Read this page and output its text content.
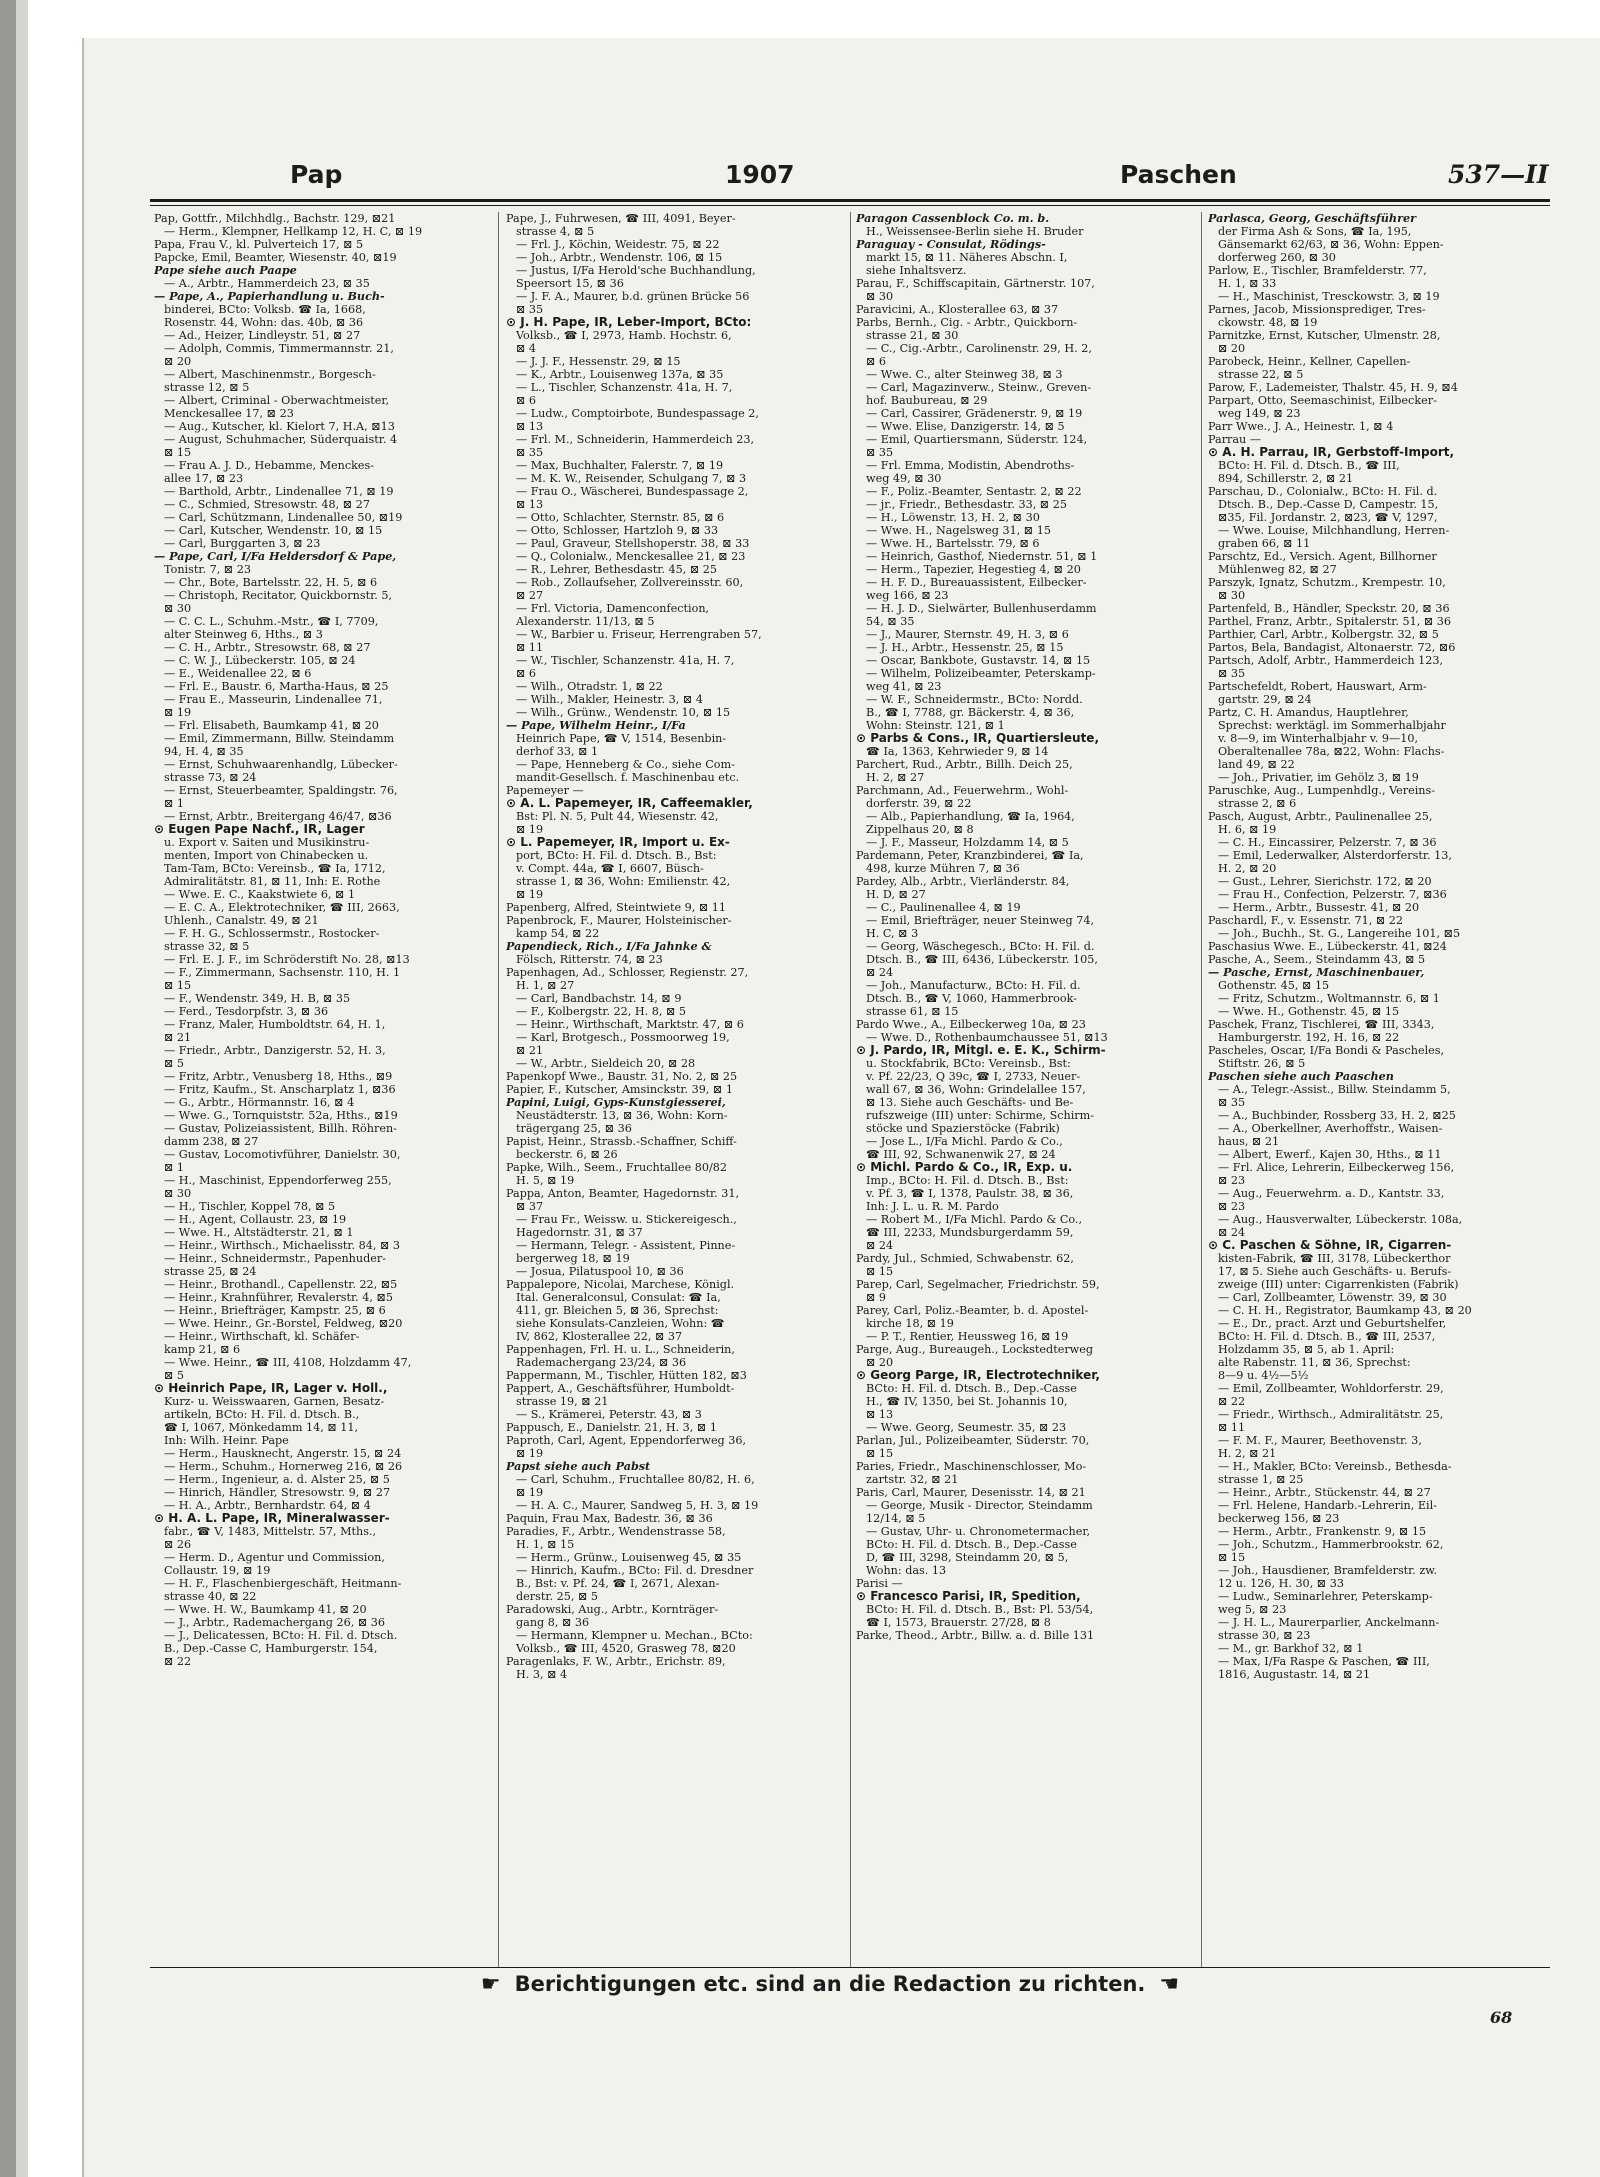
Pap	1907	Paschen	537—II
Pap, Gottfr., Milchhdlg., Bachstr. 129, ⊠21
— Herm., Klempner, Hellkamp 12, H. C, ⊠ 19
Papa, Frau V., kl. Pulverteich 17, ⊠ 5
Papcke, Emil, Beamter, Wiesenstr. 40, ⊠19
Pape siehe auch Paape
— A., Arbtr., Hammerdeich 23, ⊠ 35
— Pape, A., Papierhandlung u. Buch-
binderei, BCto: Volksb. ☎ Ia, 1668,
Rosenstr. 44, Wohn: das. 40b, ⊠ 36
— Ad., Heizer, Lindleystr. 51, ⊠ 27
— Adolph, Commis, Timmermannstr. 21,
⊠ 20
— Albert, Maschinenmstr., Borgesch-
strasse 12, ⊠ 5
— Albert, Criminal - Oberwachtmeister,
Menckesallee 17, ⊠ 23
— Aug., Kutscher, kl. Kielort 7, H.A, ⊠13
— August, Schuhmacher, Süderquaistr. 4
⊠ 15
— Frau A. J. D., Hebamme, Menckes-
allee 17, ⊠ 23
— Barthold, Arbtr., Lindenallee 71, ⊠ 19
— C., Schmied, Stresowstr. 48, ⊠ 27
— Carl, Schützmann, Lindenallee 50, ⊠19
— Carl, Kutscher, Wendenstr. 10, ⊠ 15
— Carl, Burggarten 3, ⊠ 23
— Pape, Carl, I/Fa Heldersdorf & Pape,
Tonistr. 7, ⊠ 23
— Chr., Bote, Bartelsstr. 22, H. 5, ⊠ 6
— Christoph, Recitator, Quickbornstr. 5,
⊠ 30
— C. C. L., Schuhm.-Mstr., ☎ I, 7709,
alter Steinweg 6, Hths., ⊠ 3
— C. H., Arbtr., Stresowstr. 68, ⊠ 27
— C. W. J., Lübeckerstr. 105, ⊠ 24
— E., Weidenallee 22, ⊠ 6
— Frl. E., Baustr. 6, Martha-Haus, ⊠ 25
— Frau E., Masseurin, Lindenallee 71,
⊠ 19
— Frl. Elisabeth, Baumkamp 41, ⊠ 20
— Emil, Zimmermann, Billw. Steindamm
94, H. 4, ⊠ 35
— Ernst, Schuhwaarenhandlg, Lübecker-
strasse 73, ⊠ 24
— Ernst, Steuerbeamter, Spaldingstr. 76,
⊠ 1
— Ernst, Arbtr., Breitergang 46/47, ⊠36
⊙ Eugen Pape Nachf., IR, Lager
u. Export v. Saiten und Musikinstru-
menten, Import von Chinabecken u.
Tam-Tam, BCto: Vereinsb., ☎ Ia, 1712,
Admiralitätstr. 81, ⊠ 11, Inh: E. Rothe
— Wwe. E. C., Kaakstwiete 6, ⊠ 1
— E. C. A., Elektrotechniker, ☎ III, 2663,
Uhlenh., Canalstr. 49, ⊠ 21
— F. H. G., Schlossermstr., Rostocker-
strasse 32, ⊠ 5
— Frl. E. J. F., im Schröderstift No. 28, ⊠13
— F., Zimmermann, Sachsenstr. 110, H. 1
⊠ 15
— F., Wendenstr. 349, H. B, ⊠ 35
— Ferd., Tesdorpfstr. 3, ⊠ 36
— Franz, Maler, Humboldtstr. 64, H. 1,
⊠ 21
— Friedr., Arbtr., Danzigerstr. 52, H. 3,
⊠ 5
— Fritz, Arbtr., Venusberg 18, Hths., ⊠9
— Fritz, Kaufm., St. Anscharplatz 1, ⊠36
— G., Arbtr., Hörmannstr. 16, ⊠ 4
— Wwe. G., Tornquiststr. 52a, Hths., ⊠19
— Gustav, Polizeiassistent, Billh. Röhren-
damm 238, ⊠ 27
— Gustav, Locomotivführer, Danielstr. 30,
⊠ 1
— H., Maschinist, Eppendorferweg 255,
⊠ 30
— H., Tischler, Koppel 78, ⊠ 5
— H., Agent, Collaustr. 23, ⊠ 19
— Wwe. H., Altstädterstr. 21, ⊠ 1
— Heinr., Wirthsch., Michaelisstr. 84, ⊠ 3
— Heinr., Schneidermstr., Papenhuder-
strasse 25, ⊠ 24
— Heinr., Brothandl., Capellenstr. 22, ⊠5
— Heinr., Krahnführer, Revalerstr. 4, ⊠5
— Heinr., Briefträger, Kampstr. 25, ⊠ 6
— Wwe. Heinr., Gr.-Borstel, Feldweg, ⊠20
— Heinr., Wirthschaft, kl. Schäfer-
kamp 21, ⊠ 6
— Wwe. Heinr., ☎ III, 4108, Holzdamm 47,
⊠ 5
⊙ Heinrich Pape, IR, Lager v. Holl.,
Kurz- u. Weisswaaren, Garnen, Besatz-
artikeln, BCto: H. Fil. d. Dtsch. B.,
☎ I, 1067, Mönkedamm 14, ⊠ 11,
Inh: Wilh. Heinr. Pape
— Herm., Hausknecht, Angerstr. 15, ⊠ 24
— Herm., Schuhm., Hornerweg 216, ⊠ 26
— Herm., Ingenieur, a. d. Alster 25, ⊠ 5
— Hinrich, Händler, Stresowstr. 9, ⊠ 27
— H. A., Arbtr., Bernhardstr. 64, ⊠ 4
⊙ H. A. L. Pape, IR, Mineralwasser-
fabr., ☎ V, 1483, Mittelstr. 57, Mths.,
⊠ 26
— Herm. D., Agentur und Commission,
Collaustr. 19, ⊠ 19
— H. F., Flaschenbiergeschäft, Heitmann-
strasse 40, ⊠ 22
— Wwe. H. W., Baumkamp 41, ⊠ 20
— J., Arbtr., Rademachergang 26, ⊠ 36
— J., Delicatessen, BCto: H. Fil. d. Dtsch.
B., Dep.-Casse C, Hamburgerstr. 154,
⊠ 22
Pape, J., Fuhrwesen, ☎ III, 4091, Beyer-
strasse 4, ⊠ 5
— Frl. J., Köchin, Weidestr. 75, ⊠ 22
— Joh., Arbtr., Wendenstr. 106, ⊠ 15
— Justus, I/Fa Herold'sche Buchhandlung,
Speersort 15, ⊠ 36
— J. F. A., Maurer, b.d. grünen Brücke 56
⊠ 35
⊙ J. H. Pape, IR, Leber-Import, BCto:
Volksb., ☎ I, 2973, Hamb. Hochstr. 6,
⊠ 4
— J. J. F., Hessenstr. 29, ⊠ 15
— K., Arbtr., Louisenweg 137a, ⊠ 35
— L., Tischler, Schanzenstr. 41a, H. 7,
⊠ 6
— Ludw., Comptoirbote, Bundespassage 2,
⊠ 13
— Frl. M., Schneiderin, Hammerdeich 23,
⊠ 35
— Max, Buchhalter, Falerstr. 7, ⊠ 19
— M. K. W., Reisender, Schulgang 7, ⊠ 3
— Frau O., Wäscherei, Bundespassage 2,
⊠ 13
— Otto, Schlachter, Sternstr. 85, ⊠ 6
— Otto, Schlosser, Hartzloh 9, ⊠ 33
— Paul, Graveur, Stellshoperstr. 38, ⊠ 33
— Q., Colonialw., Menckesallee 21, ⊠ 23
— R., Lehrer, Bethesdastr. 45, ⊠ 25
— Rob., Zollaufseher, Zollvereinsstr. 60,
⊠ 27
— Frl. Victoria, Damenconfection,
Alexanderstr. 11/13, ⊠ 5
— W., Barbier u. Friseur, Herrengraben 57,
⊠ 11
— W., Tischler, Schanzenstr. 41a, H. 7,
⊠ 6
— Wilh., Otradstr. 1, ⊠ 22
— Wilh., Makler, Heinestr. 3, ⊠ 4
— Wilh., Grünw., Wendenstr. 10, ⊠ 15
— Pape, Wilhelm Heinr., I/Fa
Heinrich Pape, ☎ V, 1514, Besenbin-
derhof 33, ⊠ 1
— Pape, Henneberg & Co., siehe Com-
mandit-Gesellsch. f. Maschinenbau etc.
Papemeyer —
⊙ A. L. Papemeyer, IR, Caffeemakler,
Bst: Pl. N. 5, Pult 44, Wiesenstr. 42,
⊠ 19
⊙ L. Papemeyer, IR, Import u. Ex-
port, BCto: H. Fil. d. Dtsch. B., Bst:
v. Compt. 44a, ☎ I, 6607, Büsch-
strasse 1, ⊠ 36, Wohn: Emilienstr. 42,
⊠ 19
Papenberg, Alfred, Steintwiete 9, ⊠ 11
Papenbrock, F., Maurer, Holsteinischer-
kamp 54, ⊠ 22
Papendieck, Rich., I/Fa Jahnke &
Fölsch, Ritterstr. 74, ⊠ 23
Papenhagen, Ad., Schlosser, Regienstr. 27,
H. 1, ⊠ 27
— Carl, Bandbachstr. 14, ⊠ 9
— F., Kolbergstr. 22, H. 8, ⊠ 5
— Heinr., Wirthschaft, Marktstr. 47, ⊠ 6
— Karl, Brotgesch., Possmoorweg 19,
⊠ 21
— W., Arbtr., Sieldeich 20, ⊠ 28
Papenkopf Wwe., Baustr. 31, No. 2, ⊠ 25
Papier, F., Kutscher, Amsinckstr. 39, ⊠ 1
Papini, Luigi, Gyps-Kunstgiesserei,
Neustädterstr. 13, ⊠ 36, Wohn: Korn-
trägergang 25, ⊠ 36
Papist, Heinr., Strassb.-Schaffner, Schiff-
beckerstr. 6, ⊠ 26
Papke, Wilh., Seem., Fruchtallee 80/82
H. 5, ⊠ 19
Pappa, Anton, Beamter, Hagedornstr. 31,
⊠ 37
— Frau Fr., Weissw. u. Stickereigesch.,
Hagedornstr. 31, ⊠ 37
— Hermann, Telegr. - Assistent, Pinne-
bergerweg 18, ⊠ 19
— Josua, Pilatuspool 10, ⊠ 36
Pappalepore, Nicolai, Marchese, Königl.
Ital. Generalconsul, Consulat: ☎ Ia,
411, gr. Bleichen 5, ⊠ 36, Sprechst:
siehe Konsulats-Canzleien, Wohn: ☎
IV, 862, Klosterallee 22, ⊠ 37
Pappenhagen, Frl. H. u. L., Schneiderin,
Rademachergang 23/24, ⊠ 36
Pappermann, M., Tischler, Hütten 182, ⊠3
Pappert, A., Geschäftsführer, Humboldt-
strasse 19, ⊠ 21
— S., Krämerei, Peterstr. 43, ⊠ 3
Pappusch, E., Danielstr. 21, H. 3, ⊠ 1
Paproth, Carl, Agent, Eppendorferweg 36,
⊠ 19
Papst siehe auch Pabst
— Carl, Schuhm., Fruchtallee 80/82, H. 6,
⊠ 19
— H. A. C., Maurer, Sandweg 5, H. 3, ⊠ 19
Paquin, Frau Max, Badestr. 36, ⊠ 36
Paradies, F., Arbtr., Wendenstrasse 58,
H. 1, ⊠ 15
— Herm., Grünw., Louisenweg 45, ⊠ 35
— Hinrich, Kaufm., BCto: Fil. d. Dresdner
B., Bst: v. Pf. 24, ☎ I, 2671, Alexan-
derstr. 25, ⊠ 5
Paradowski, Aug., Arbtr., Kornträger-
gang 8, ⊠ 36
— Hermann, Klempner u. Mechan., BCto:
Volksb., ☎ III, 4520, Grasweg 78, ⊠20
Paragenlaks, F. W., Arbtr., Erichstr. 89,
H. 3, ⊠ 4
Paragon Cassenblock Co. m. b.
H., Weissensee-Berlin siehe H. Bruder
Paraguay - Consulat, Rödings-
markt 15, ⊠ 11. Näheres Abschn. I,
siehe Inhaltsverz.
Parau, F., Schiffscapitain, Gärtnerstr. 107,
⊠ 30
Paravicini, A., Klosterallee 63, ⊠ 37
Parbs, Bernh., Cig. - Arbtr., Quickborn-
strasse 21, ⊠ 30
— C., Cig.-Arbtr., Carolinenstr. 29, H. 2,
⊠ 6
— Wwe. C., alter Steinweg 38, ⊠ 3
— Carl, Magazinverw., Steinw., Greven-
hof. Baubureau, ⊠ 29
— Carl, Cassirer, Grädenerstr. 9, ⊠ 19
— Wwe. Elise, Danzigerstr. 14, ⊠ 5
— Emil, Quartiersmann, Süderstr. 124,
⊠ 35
— Frl. Emma, Modistin, Abendroths-
weg 49, ⊠ 30
— F., Poliz.-Beamter, Sentastr. 2, ⊠ 22
— jr., Friedr., Bethesdastr. 33, ⊠ 25
— H., Löwenstr. 13, H. 2, ⊠ 30
— Wwe. H., Nagelsweg 31, ⊠ 15
— Wwe. H., Bartelsstr. 79, ⊠ 6
— Heinrich, Gasthof, Niedernstr. 51, ⊠ 1
— Herm., Tapezier, Hegestieg 4, ⊠ 20
— H. F. D., Bureauassistent, Eilbecker-
weg 166, ⊠ 23
— H. J. D., Sielwärter, Bullenhuserdamm
54, ⊠ 35
— J., Maurer, Sternstr. 49, H. 3, ⊠ 6
— J. H., Arbtr., Hessenstr. 25, ⊠ 15
— Oscar, Bankbote, Gustavstr. 14, ⊠ 15
— Wilhelm, Polizeibeamter, Peterskamp-
weg 41, ⊠ 23
— W. F., Schneidermstr., BCto: Nordd.
B., ☎ I, 7788, gr. Bäckerstr. 4, ⊠ 36,
Wohn: Steinstr. 121, ⊠ 1
⊙ Parbs & Cons., IR, Quartiersleute,
☎ Ia, 1363, Kehrwieder 9, ⊠ 14
Parchert, Rud., Arbtr., Billh. Deich 25,
H. 2, ⊠ 27
Parchmann, Ad., Feuerwehrm., Wohl-
dorferstr. 39, ⊠ 22
— Alb., Papierhandlung, ☎ Ia, 1964,
Zippelhaus 20, ⊠ 8
— J. F., Masseur, Holzdamm 14, ⊠ 5
Pardemann, Peter, Kranzbinderei, ☎ Ia,
498, kurze Mühren 7, ⊠ 36
Pardey, Alb., Arbtr., Vierländerstr. 84,
H. D, ⊠ 27
— C., Paulinenallee 4, ⊠ 19
— Emil, Briefträger, neuer Steinweg 74,
H. C, ⊠ 3
— Georg, Wäschegesch., BCto: H. Fil. d.
Dtsch. B., ☎ III, 6436, Lübeckerstr. 105,
⊠ 24
— Joh., Manufacturw., BCto: H. Fil. d.
Dtsch. B., ☎ V, 1060, Hammerbrook-
strasse 61, ⊠ 15
Pardo Wwe., A., Eilbeckerweg 10a, ⊠ 23
— Wwe. D., Rothenbaumchaussee 51, ⊠13
⊙ J. Pardo, IR, Mitgl. e. E. K., Schirm-
u. Stockfabrik, BCto: Vereinsb., Bst:
v. Pf. 22/23, Q 39c, ☎ I, 2733, Neuer-
wall 67, ⊠ 36, Wohn: Grindelallee 157,
⊠ 13. Siehe auch Geschäfts- und Be-
rufszweige (III) unter: Schirme, Schirm-
stöcke und Spazierstöcke (Fabrik)
— Jose L., I/Fa Michl. Pardo & Co.,
☎ III, 92, Schwanenwik 27, ⊠ 24
⊙ Michl. Pardo & Co., IR, Exp. u.
Imp., BCto: H. Fil. d. Dtsch. B., Bst:
v. Pf. 3, ☎ I, 1378, Paulstr. 38, ⊠ 36,
Inh: J. L. u. R. M. Pardo
— Robert M., I/Fa Michl. Pardo & Co.,
☎ III, 2233, Mundsburgerdamm 59,
⊠ 24
Pardy, Jul., Schmied, Schwabenstr. 62,
⊠ 15
Parep, Carl, Segelmacher, Friedrichstr. 59,
⊠ 9
Parey, Carl, Poliz.-Beamter, b. d. Apostel-
kirche 18, ⊠ 19
— P. T., Rentier, Heussweg 16, ⊠ 19
Parge, Aug., Bureaugeh., Lockstedterweg
⊠ 20
⊙ Georg Parge, IR, Electrotechniker,
BCto: H. Fil. d. Dtsch. B., Dep.-Casse
H., ☎ IV, 1350, bei St. Johannis 10,
⊠ 13
— Wwe. Georg, Seumestr. 35, ⊠ 23
Parlan, Jul., Polizeibeamter, Süderstr. 70,
⊠ 15
Paries, Friedr., Maschinenschlosser, Mo-
zartstr. 32, ⊠ 21
Paris, Carl, Maurer, Desenisstr. 14, ⊠ 21
— George, Musik - Director, Steindamm
12/14, ⊠ 5
— Gustav, Uhr- u. Chronometermacher,
BCto: H. Fil. d. Dtsch. B., Dep.-Casse
D, ☎ III, 3298, Steindamm 20, ⊠ 5,
Wohn: das. 13
Parisi —
⊙ Francesco Parisi, IR, Spedition,
BCto: H. Fil. d. Dtsch. B., Bst: Pl. 53/54,
☎ I, 1573, Brauerstr. 27/28, ⊠ 8
Parke, Theod., Arbtr., Billw. a. d. Bille 131
Parlasca, Georg, Geschäftsführer
der Firma Ash & Sons, ☎ Ia, 195,
Gänsemarkt 62/63, ⊠ 36, Wohn: Eppen-
dorferweg 260, ⊠ 30
Parlow, E., Tischler, Bramfelderstr. 77,
H. 1, ⊠ 33
— H., Maschinist, Tresckowstr. 3, ⊠ 19
Parnes, Jacob, Missionsprediger, Tres-
ckowstr. 48, ⊠ 19
Parnitzke, Ernst, Kutscher, Ulmenstr. 28,
⊠ 20
Parobeck, Heinr., Kellner, Capellen-
strasse 22, ⊠ 5
Parow, F., Lademeister, Thalstr. 45, H. 9, ⊠4
Parpart, Otto, Seemaschinist, Eilbecker-
weg 149, ⊠ 23
Parr Wwe., J. A., Heinestr. 1, ⊠ 4
Parrau —
⊙ A. H. Parrau, IR, Gerbstoff-Import,
BCto: H. Fil. d. Dtsch. B., ☎ III,
894, Schillerstr. 2, ⊠ 21
Parschau, D., Colonialw., BCto: H. Fil. d.
Dtsch. B., Dep.-Casse D, Campestr. 15,
⊠35, Fil. Jordanstr. 2, ⊠23, ☎ V, 1297,
— Wwe. Louise, Milchhandlung, Herren-
graben 66, ⊠ 11
Parschtz, Ed., Versich. Agent, Billhorner
Mühlenweg 82, ⊠ 27
Parszyk, Ignatz, Schutzm., Krempestr. 10,
⊠ 30
Partenfeld, B., Händler, Speckstr. 20, ⊠ 36
Parthel, Franz, Arbtr., Spitalerstr. 51, ⊠ 36
Parthier, Carl, Arbtr., Kolbergstr. 32, ⊠ 5
Partos, Bela, Bandagist, Altonaerstr. 72, ⊠6
Partsch, Adolf, Arbtr., Hammerdeich 123,
⊠ 35
Partschefeldt, Robert, Hauswart, Arm-
gartstr. 29, ⊠ 24
Partz, C. H. Amandus, Hauptlehrer,
Sprechst: werktägl. im Sommerhalbjahr
v. 8—9, im Winterhalbjahr v. 9—10,
Oberaltenallee 78a, ⊠22, Wohn: Flachs-
land 49, ⊠ 22
— Joh., Privatier, im Gehölz 3, ⊠ 19
Paruschke, Aug., Lumpenhdlg., Vereins-
strasse 2, ⊠ 6
Pasch, August, Arbtr., Paulinenallee 25,
H. 6, ⊠ 19
— C. H., Eincassirer, Pelzerstr. 7, ⊠ 36
— Emil, Lederwalker, Alsterdorferstr. 13,
H. 2, ⊠ 20
— Gust., Lehrer, Sierichstr. 172, ⊠ 20
— Frau H., Confection, Pelzerstr. 7, ⊠36
— Herm., Arbtr., Bussestr. 41, ⊠ 20
Paschardl, F., v. Essenstr. 71, ⊠ 22
— Joh., Buchh., St. G., Langereihe 101, ⊠5
Paschasius Wwe. E., Lübeckerstr. 41, ⊠24
Pasche, A., Seem., Steindamm 43, ⊠ 5
— Pasche, Ernst, Maschinenbauer,
Gothenstr. 45, ⊠ 15
— Fritz, Schutzm., Woltmannstr. 6, ⊠ 1
— Wwe. H., Gothenstr. 45, ⊠ 15
Paschek, Franz, Tischlerei, ☎ III, 3343,
Hamburgerstr. 192, H. 16, ⊠ 22
Pascheles, Oscar, I/Fa Bondi & Pascheles,
Stiftstr. 26, ⊠ 5
Paschen siehe auch Paaschen
— A., Telegr.-Assist., Billw. Steindamm 5,
⊠ 35
— A., Buchbinder, Rossberg 33, H. 2, ⊠25
— A., Oberkellner, Averhoffstr., Waisen-
haus, ⊠ 21
— Albert, Ewerf., Kajen 30, Hths., ⊠ 11
— Frl. Alice, Lehrerin, Eilbeckerweg 156,
⊠ 23
— Aug., Feuerwehrm. a. D., Kantstr. 33,
⊠ 23
— Aug., Hausverwalter, Lübeckerstr. 108a,
⊠ 24
⊙ C. Paschen & Söhne, IR, Cigarren-
kisten-Fabrik, ☎ III, 3178, Lübeckerthor
17, ⊠ 5. Siehe auch Geschäfts- u. Berufs-
zweige (III) unter: Cigarrenkisten (Fabrik)
— Carl, Zollbeamter, Löwenstr. 39, ⊠ 30
— C. H. H., Registrator, Baumkamp 43, ⊠ 20
— E., Dr., pract. Arzt und Geburtshelfer,
BCto: H. Fil. d. Dtsch. B., ☎ III, 2537,
Holzdamm 35, ⊠ 5, ab 1. April:
alte Rabenstr. 11, ⊠ 36, Sprechst:
8—9 u. 4½—5½
— Emil, Zollbeamter, Wohldorferstr. 29,
⊠ 22
— Friedr., Wirthsch., Admiralitätstr. 25,
⊠ 11
— F. M. F., Maurer, Beethovenstr. 3,
H. 2, ⊠ 21
— H., Makler, BCto: Vereinsb., Bethesda-
strasse 1, ⊠ 25
— Heinr., Arbtr., Stückenstr. 44, ⊠ 27
— Frl. Helene, Handarb.-Lehrerin, Eil-
beckerweg 156, ⊠ 23
— Herm., Arbtr., Frankenstr. 9, ⊠ 15
— Joh., Schutzm., Hammerbrookstr. 62,
⊠ 15
— Joh., Hausdiener, Bramfelderstr. zw.
12 u. 126, H. 30, ⊠ 33
— Ludw., Seminarlehrer, Peterskamp-
weg 5, ⊠ 23
— J. H. L., Maurerparlier, Anckelmann-
strasse 30, ⊠ 23
— M., gr. Barkhof 32, ⊠ 1
— Max, I/Fa Raspe & Paschen, ☎ III,
1816, Augustastr. 14, ⊠ 21
☛ Berichtigungen etc. sind an die Redaction zu richten. ☚
68
